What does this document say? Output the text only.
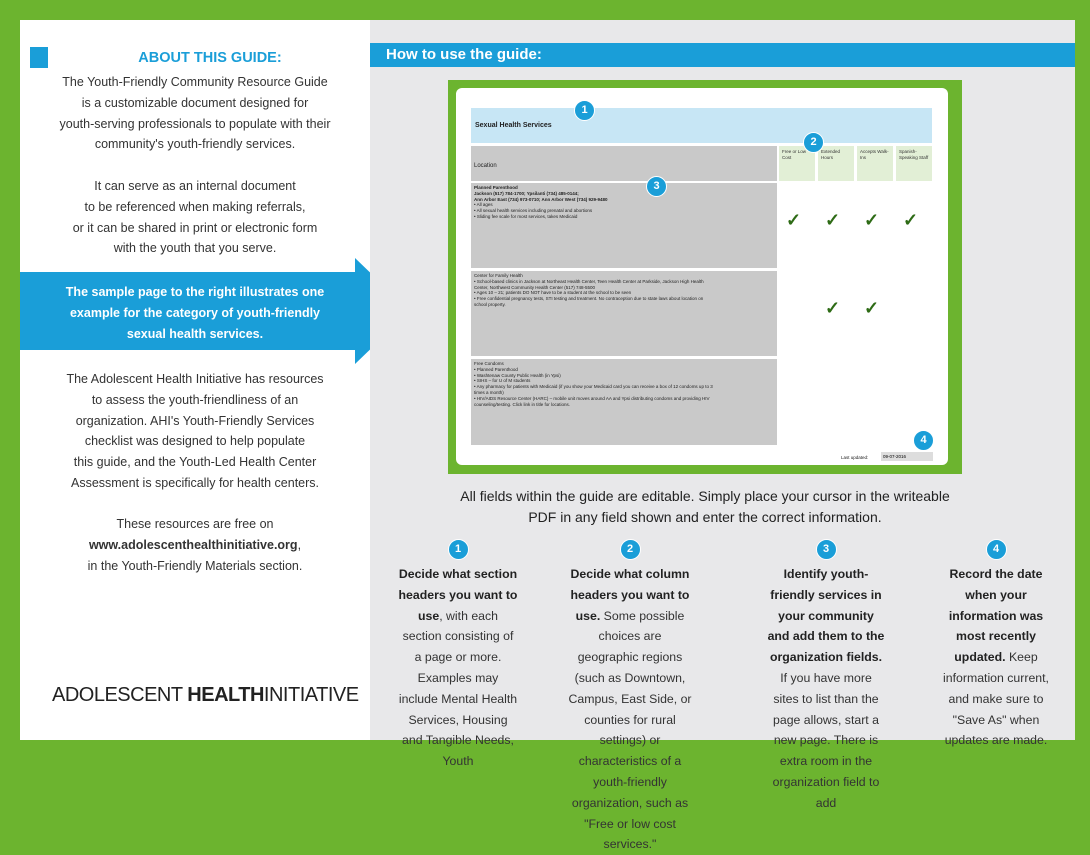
ABOUT THIS GUIDE:
The Youth-Friendly Community Resource Guide
is a customizable document designed for
youth-serving professionals to populate with their
community's youth-friendly services.
It can serve as an internal document
to be referenced when making referrals,
or it can be shared in print or electronic form
with the youth that you serve.
The sample page to the right illustrates one
example for the category of youth-friendly
sexual health services.
The Adolescent Health Initiative has resources
to assess the youth-friendliness of an
organization. AHI's Youth-Friendly Services
checklist was designed to help populate
this guide, and the Youth-Led Health Center
Assessment is specifically for health centers.
These resources are free on
www.adolescenthealthinitiative.org,
in the Youth-Friendly Materials section.
ADOLESCENT HEALTHINITIATIVE
How to use the guide:
Sexual Health Services
Location
Free or Low Cost
Extended Hours
Accepts Walk-Ins
Spanish-Speaking Staff
Planned Parenthood
Jackson (517) 784-1700; Ypsilanti (734) 485-0144;
Ann Arbor East (734) 973-0710; Ann Arbor West (734) 929-9480
• All ages
• All sexual health services including prenatal and abortions
• Sliding fee scale for most services, takes Medicaid
Center for Family Health
• School-based clinics in Jackson at Northeast Health Center, Teen Health Center at Parkside, Jackson High Health
Center, Northwest Community Health Center (517) 748-5500
• Ages 10 – 21; patients DO NOT have to be a student at the school to be seen
• Free confidential pregnancy tests, STI testing and treatment. No contraception due to state laws about location on
school property.
Free Condoms
• Planned Parenthood
• Washtenaw County Public Health (in Ypsi)
• SIHS – for U of M students
• Any pharmacy for patients with Medicaid (if you show your Medicaid card you can receive a box of 12 condoms up to 3
times a month)
• HIV/AIDS Resource Center (HARC) – mobile unit moves around AA and Ypsi distributing condoms and providing HIV
counseling/testing. Click link in title for locations.
✓ ✓ ✓ ✓
✓ ✓
Last updated:	09-07-2016
1
2
3
4
All fields within the guide are editable. Simply place your cursor in the writeable
PDF in any field shown and enter the correct information.
1
Decide what section headers you want to use, with each section consisting of a page or more. Examples may include Mental Health Services, Housing and Tangible Needs, Youth
2
Decide what column headers you want to use. Some possible choices are geographic regions (such as Downtown, Campus, East Side, or counties for rural settings) or characteristics of a youth-friendly organization, such as "Free or low cost services."
3
Identify youth-friendly services in your community and add them to the organization fields. If you have more sites to list than the page allows, start a new page. There is extra room in the organization field to add
4
Record the date when your information was most recently updated. Keep information current, and make sure to "Save As" when updates are made.
